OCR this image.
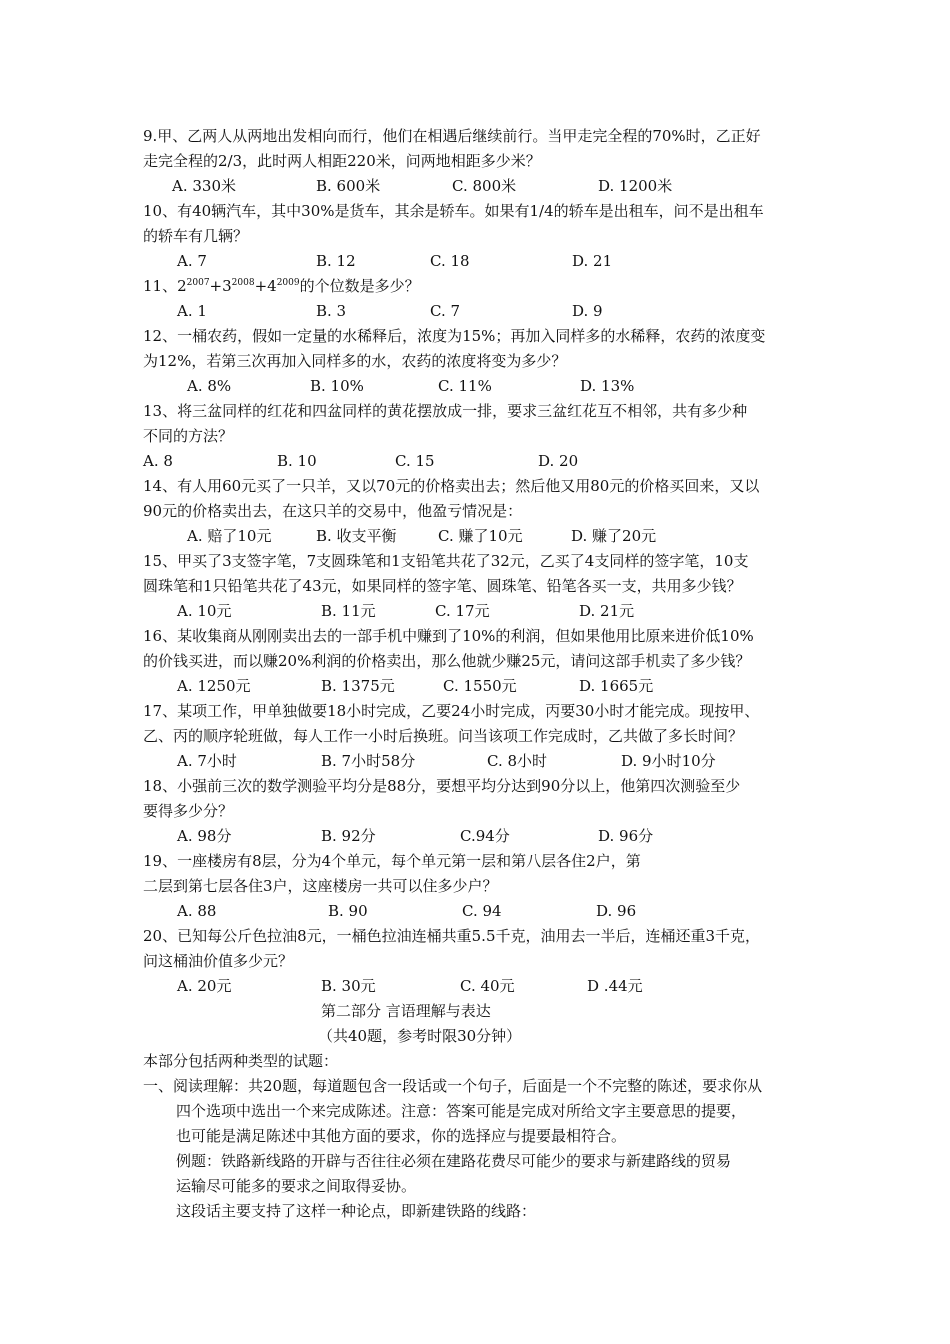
9.甲、乙两人从两地出发相向而行，他们在相遇后继续前行。当甲走完全程的70%时，乙正好
走完全程的2/3，此时两人相距220米，问两地相距多少米？
A. 330米	B. 600米	C. 800米	D. 1200米
10、有40辆汽车，其中30%是货车，其余是轿车。如果有1/4的轿车是出租车，问不是出租车
的轿车有几辆？
A. 7	B. 12	C. 18	D. 21
11、$2^{2007}+3^{2008}+4^{2009}$的个位数是多少？
A. 1	B. 3	C. 7	D. 9
12、一桶农药，假如一定量的水稀释后，浓度为15%；再加入同样多的水稀释，农药的浓度变
为12%，若第三次再加入同样多的水，农药的浓度将变为多少？
A. 8%	B. 10%	C. 11%	D. 13%
13、将三盆同样的红花和四盆同样的黄花摆放成一排，要求三盆红花互不相邻，共有多少种
不同的方法？
A. 8	B. 10	C. 15	D. 20
14、有人用60元买了一只羊，又以70元的价格卖出去；然后他又用80元的价格买回来，又以
90元的价格卖出去，在这只羊的交易中，他盈亏情况是：
A. 赔了10元	B. 收支平衡	C. 赚了10元	D. 赚了20元
15、甲买了3支签字笔，7支圆珠笔和1支铅笔共花了32元，乙买了4支同样的签字笔，10支
圆珠笔和1只铅笔共花了43元，如果同样的签字笔、圆珠笔、铅笔各买一支，共用多少钱？
A. 10元	B. 11元	C. 17元	D. 21元
16、某收集商从刚刚卖出去的一部手机中赚到了10%的利润，但如果他用比原来进价低10%
的价钱买进，而以赚20%利润的价格卖出，那么他就少赚25元，请问这部手机卖了多少钱？
A. 1250元	B. 1375元	C. 1550元	D. 1665元
17、某项工作，甲单独做要18小时完成，乙要24小时完成，丙要30小时才能完成。现按甲、
乙、丙的顺序轮班做，每人工作一小时后换班。问当该项工作完成时，乙共做了多长时间？
A. 7小时	B. 7小时58分	C. 8小时	D. 9小时10分
18、小强前三次的数学测验平均分是88分，要想平均分达到90分以上，他第四次测验至少
要得多少分？
A. 98分	B. 92分	C.94分	D. 96分
19、一座楼房有8层，分为4个单元，每个单元第一层和第八层各住2户，第
二层到第七层各住3户，这座楼房一共可以住多少户？
A. 88	B. 90	C. 94	D. 96
20、已知每公斤色拉油8元，一桶色拉油连桶共重5.5千克，油用去一半后，连桶还重3千克，
问这桶油价值多少元？
A. 20元	B. 30元	C. 40元	D .44元
第二部分 言语理解与表达
（共40题，参考时限30分钟）
本部分包括两种类型的试题：
一、阅读理解：共20题，每道题包含一段话或一个句子，后面是一个不完整的陈述，要求你从
四个选项中选出一个来完成陈述。注意：答案可能是完成对所给文字主要意思的提要，
也可能是满足陈述中其他方面的要求，你的选择应与提要最相符合。
例题：铁路新线路的开辟与否往往必须在建路花费尽可能少的要求与新建路线的贸易
运输尽可能多的要求之间取得妥协。
这段话主要支持了这样一种论点，即新建铁路的线路：
